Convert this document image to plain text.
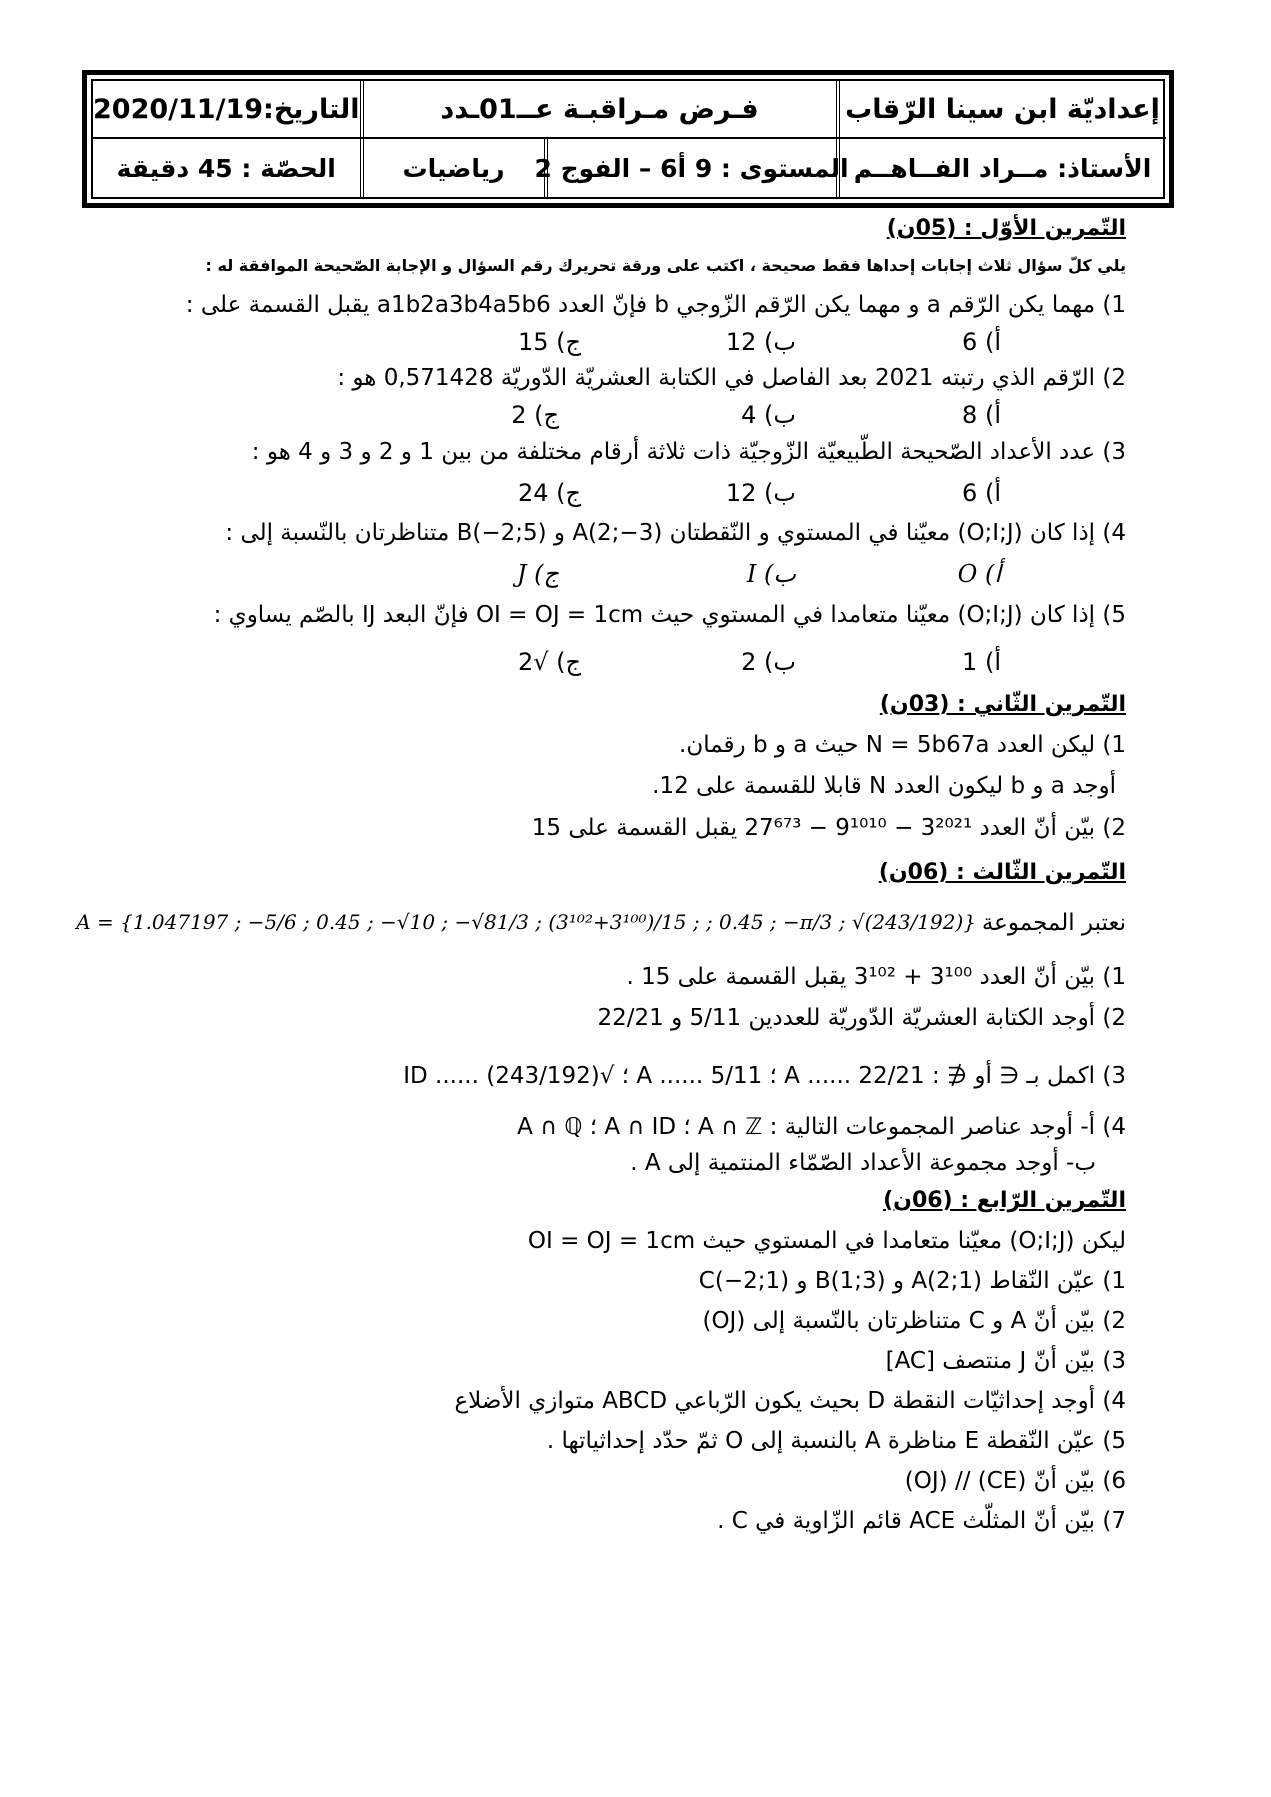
إعداديّة ابن سينا الرّقاب
فـرض مـراقبـة عــ01ـدد
التاريخ:2020/11/19
الأستاذ: مــراد الفــاهــم
المستوى : 9 أ6 – الفوج 2
رياضيات
الحصّة : 45 دقيقة
التّمرين الأوّل : (05ن)
يلي كلّ سؤال ثلاث إجابات إحداها فقط صحيحة ، اكتب على ورقة تحريرك رقم السؤال و الإجابة الصّحيحة الموافقة له :
1) مهما يكن الرّقم a و مهما يكن الرّقم الزّوجي b فإنّ العدد a1b2a3b4a5b6 يقبل القسمة على :
أ) 6
ب) 12
ج) 15
2) الرّقم الذي رتبته 2021 بعد الفاصل في الكتابة العشريّة الدّوريّة 0,571428 هو :
أ) 8
ب) 4
ج) 2
3) عدد الأعداد الصّحيحة الطّبيعيّة الزّوجيّة ذات ثلاثة أرقام مختلفة من بين 1 و 2 و 3 و 4 هو :
أ) 6
ب) 12
ج) 24
4) إذا كان (O;I;J) معيّنا في المستوي و النّقطتان A(2;−3) و B(−2;5) متناظرتان بالنّسبة إلى :
أ) O
ب) I
ج) J
5) إذا كان (O;I;J) معيّنا متعامدا في المستوي حيث OI = OJ = 1cm فإنّ البعد IJ بالصّم يساوي :
أ) 1
ب) 2
ج) √2
التّمرين الثّاني : (03ن)
1) ليكن العدد N = 5b67a حيث a و b رقمان.
أوجد a و b ليكون العدد N قابلا للقسمة على 12.
2) بيّن أنّ العدد 3²⁰²¹ − 9¹⁰¹⁰ − 27⁶⁷³ يقبل القسمة على 15
التّمرين الثّالث : (06ن)
نعتبر المجموعة
A = {1.047197 ; −5/6 ; 0.45 ; −√10 ; −√81/3 ; (3¹⁰²+3¹⁰⁰)/15 ; ; 0.45 ; −π/3 ; √(243/192)}
1) بيّن أنّ العدد 3¹⁰⁰ + 3¹⁰² يقبل القسمة على 15 .
2) أوجد الكتابة العشريّة الدّوريّة للعددين 5/11 و 22/21
3) اكمل بـ ∈ أو ∉ : 22/21 ...... A ؛ 5/11 ...... A ؛ √(243/192) ...... ID
4) أ- أوجد عناصر المجموعات التالية : A ∩ ℤ ؛ A ∩ ID ؛ A ∩ ℚ
ب- أوجد مجموعة الأعداد الصّمّاء المنتمية إلى A .
التّمرين الرّابع : (06ن)
ليكن (O;I;J) معيّنا متعامدا في المستوي حيث OI = OJ = 1cm
1) عيّن النّقاط A(2;1) و B(1;3) و C(−2;1)
2) بيّن أنّ A و C متناظرتان بالنّسبة إلى (OJ)
3) بيّن أنّ J منتصف [AC]
4) أوجد إحداثيّات النقطة D بحيث يكون الرّباعي ABCD متوازي الأضلاع
5) عيّن النّقطة E مناظرة A بالنسبة إلى O ثمّ حدّد إحداثياتها .
6) بيّن أنّ (CE) // (OJ)
7) بيّن أنّ المثلّث ACE قائم الزّاوية في C .
